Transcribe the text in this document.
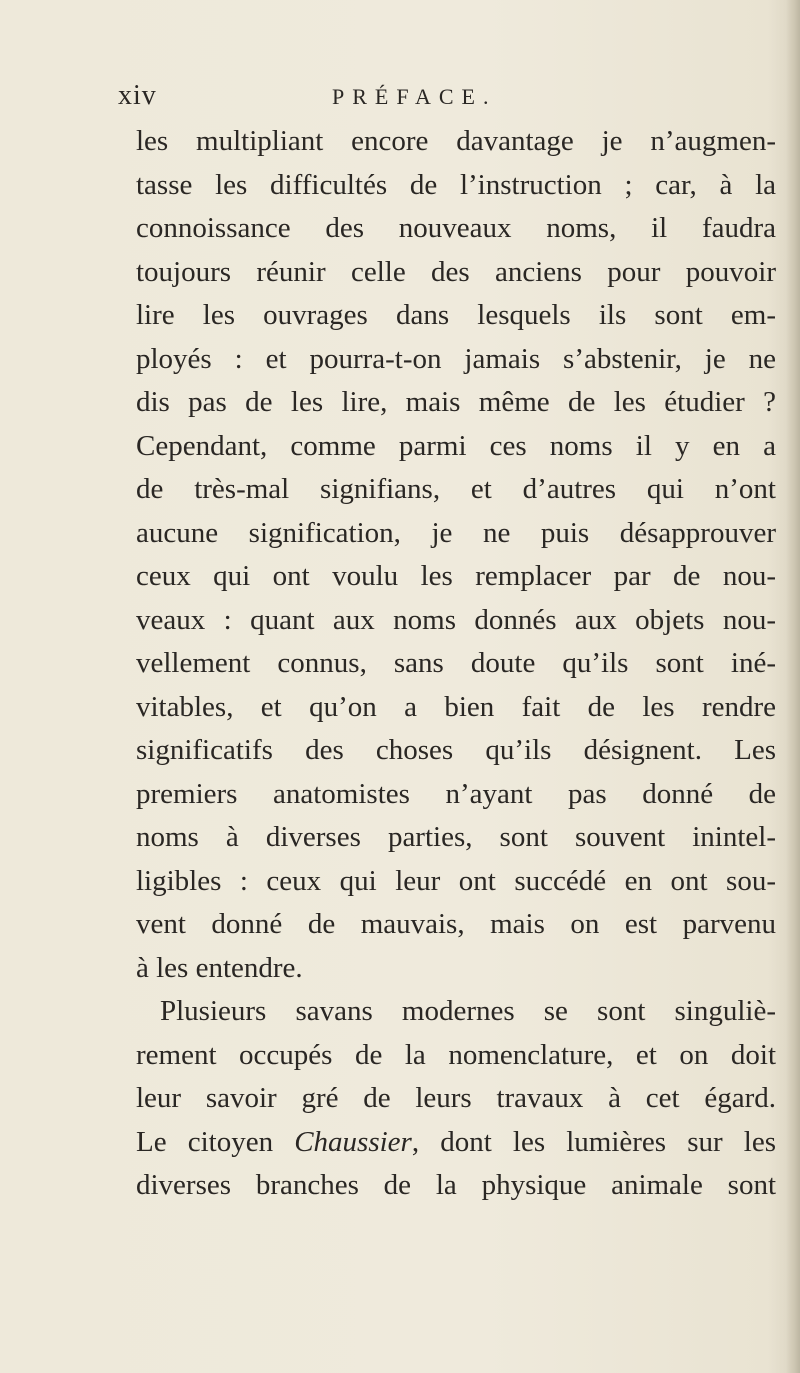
xiv	PRÉFACE.
les multipliant encore davantage je n’augmen-
tasse les difficultés de l’instruction ; car, à la
connoissance des nouveaux noms, il faudra
toujours réunir celle des anciens pour pouvoir
lire les ouvrages dans lesquels ils sont em-
ployés : et pourra-t-on jamais s’abstenir, je ne
dis pas de les lire, mais même de les étudier ?
Cependant, comme parmi ces noms il y en a
de très-mal signifians, et d’autres qui n’ont
aucune signification, je ne puis désapprouver
ceux qui ont voulu les remplacer par de nou-
veaux : quant aux noms donnés aux objets nou-
vellement connus, sans doute qu’ils sont iné-
vitables, et qu’on a bien fait de les rendre
significatifs des choses qu’ils désignent. Les
premiers anatomistes n’ayant pas donné de
noms à diverses parties, sont souvent inintel-
ligibles : ceux qui leur ont succédé en ont sou-
vent donné de mauvais, mais on est parvenu
à les entendre.
Plusieurs savans modernes se sont singuliè-
rement occupés de la nomenclature, et on doit
leur savoir gré de leurs travaux à cet égard.
Le citoyen Chaussier, dont les lumières sur les
diverses branches de la physique animale sont
